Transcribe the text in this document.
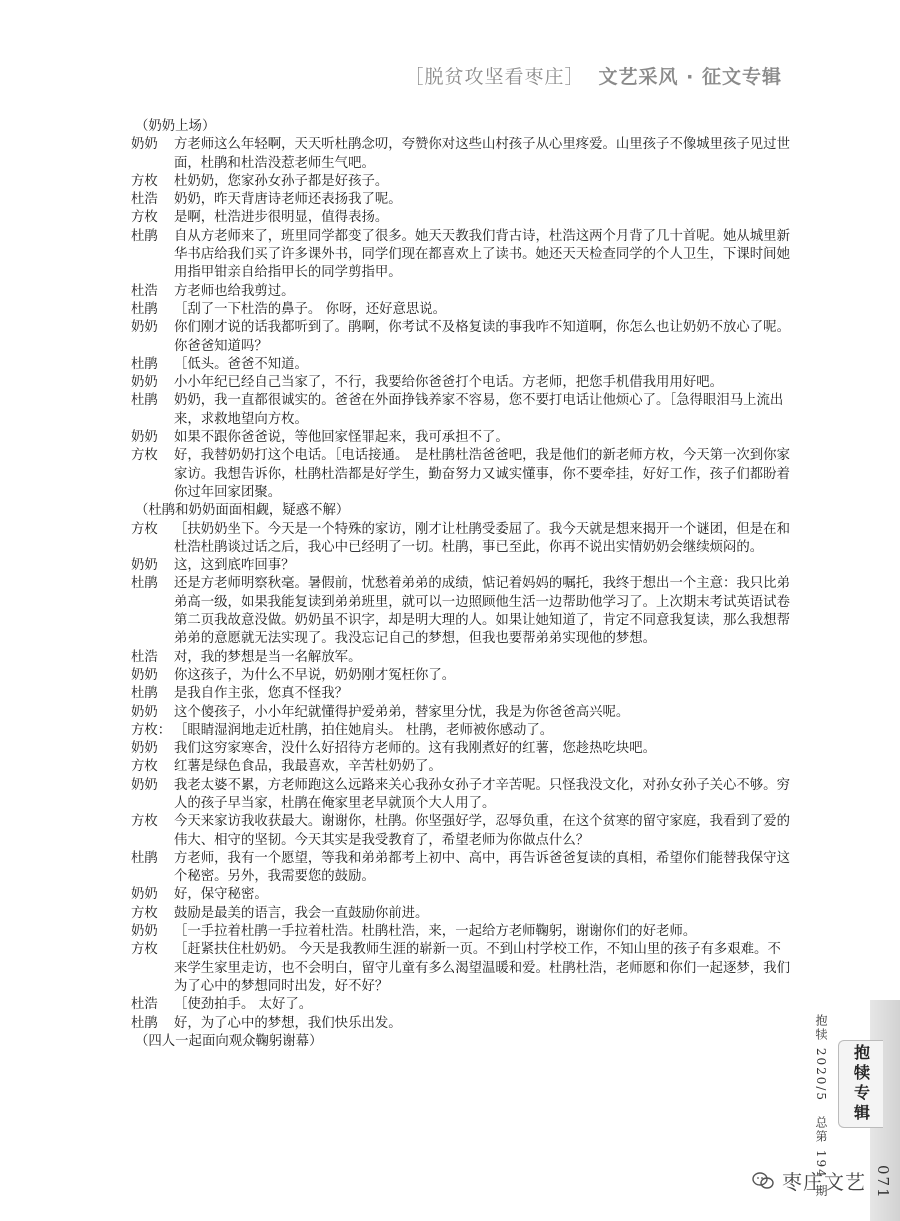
［脱贫攻坚看枣庄］ 文艺采风 · 征文专辑
（奶奶上场）
奶奶	方老师这么年轻啊，天天听杜鹃念叨，夸赞你对这些山村孩子从心里疼爱。山里孩子不像城里孩子见过世面，杜鹃和杜浩没惹老师生气吧。
方枚	杜奶奶，您家孙女孙子都是好孩子。
杜浩	奶奶，昨天背唐诗老师还表扬我了呢。
方枚	是啊，杜浩进步很明显，值得表扬。
杜鹃	自从方老师来了，班里同学都变了很多。她天天教我们背古诗，杜浩这两个月背了几十首呢。她从城里新华书店给我们买了许多课外书，同学们现在都喜欢上了读书。她还天天检查同学的个人卫生，下课时间她用指甲钳亲自给指甲长的同学剪指甲。
杜浩	方老师也给我剪过。
杜鹃	［刮了一下杜浩的鼻子。 你呀，还好意思说。
奶奶	你们刚才说的话我都听到了。鹃啊，你考试不及格复读的事我咋不知道啊，你怎么也让奶奶不放心了呢。你爸爸知道吗？
杜鹃	［低头。爸爸不知道。
奶奶	小小年纪已经自己当家了，不行，我要给你爸爸打个电话。方老师，把您手机借我用用好吧。
杜鹃	奶奶，我一直都很诚实的。爸爸在外面挣钱养家不容易，您不要打电话让他烦心了。［急得眼泪马上流出来，求救地望向方枚。
奶奶	如果不跟你爸爸说，等他回家怪罪起来，我可承担不了。
方枚	好，我替奶奶打这个电话。［电话接通。　是杜鹃杜浩爸爸吧，我是他们的新老师方枚，今天第一次到你家家访。我想告诉你，杜鹃杜浩都是好学生，勤奋努力又诚实懂事，你不要牵挂，好好工作，孩子们都盼着你过年回家团聚。
（杜鹃和奶奶面面相觑，疑惑不解）
方枚	［扶奶奶坐下。今天是一个特殊的家访，刚才让杜鹃受委屈了。我今天就是想来揭开一个谜团，但是在和杜浩杜鹃谈过话之后，我心中已经明了一切。杜鹃，事已至此，你再不说出实情奶奶会继续烦闷的。
奶奶	这，这到底咋回事？
杜鹃	还是方老师明察秋毫。暑假前，忧愁着弟弟的成绩，惦记着妈妈的嘱托，我终于想出一个主意：我只比弟弟高一级，如果我能复读到弟弟班里，就可以一边照顾他生活一边帮助他学习了。上次期末考试英语试卷第二页我故意没做。奶奶虽不识字，却是明大理的人。如果让她知道了，肯定不同意我复读，那么我想帮弟弟的意愿就无法实现了。我没忘记自己的梦想，但我也要帮弟弟实现他的梦想。
杜浩	对，我的梦想是当一名解放军。
奶奶	你这孩子，为什么不早说，奶奶刚才冤枉你了。
杜鹃	是我自作主张，您真不怪我？
奶奶	这个傻孩子，小小年纪就懂得护爱弟弟，替家里分忧，我是为你爸爸高兴呢。
方枚： ［眼睛湿润地走近杜鹃，拍住她肩头。 杜鹃，老师被你感动了。
奶奶	我们这穷家寒舍，没什么好招待方老师的。这有我刚煮好的红薯，您趁热吃块吧。
方枚	红薯是绿色食品，我最喜欢，辛苦杜奶奶了。
奶奶	我老太婆不累，方老师跑这么远路来关心我孙女孙子才辛苦呢。只怪我没文化，对孙女孙子关心不够。穷人的孩子早当家，杜鹃在俺家里老早就顶个大人用了。
方枚	今天来家访我收获最大。谢谢你，杜鹃。你坚强好学，忍辱负重，在这个贫寒的留守家庭，我看到了爱的伟大、相守的坚韧。今天其实是我受教育了，希望老师为你做点什么？
杜鹃	方老师，我有一个愿望，等我和弟弟都考上初中、高中，再告诉爸爸复读的真相，希望你们能替我保守这个秘密。另外，我需要您的鼓励。
奶奶	好，保守秘密。
方枚	鼓励是最美的语言，我会一直鼓励你前进。
奶奶	［一手拉着杜鹃一手拉着杜浩。杜鹃杜浩，来，一起给方老师鞠躬，谢谢你们的好老师。
方枚	［赶紧扶住杜奶奶。 今天是我教师生涯的崭新一页。不到山村学校工作，不知山里的孩子有多艰难。不来学生家里走访，也不会明白，留守儿童有多么渴望温暖和爱。杜鹃杜浩，老师愿和你们一起逐梦，我们为了心中的梦想同时出发，好不好？
杜浩	［使劲拍手。 太好了。
杜鹃	好，为了心中的梦想，我们快乐出发。
（四人一起面向观众鞠躬谢幕）	抱犊 2020/5　总第 194 期 抱犊专辑
071
枣庄文艺
